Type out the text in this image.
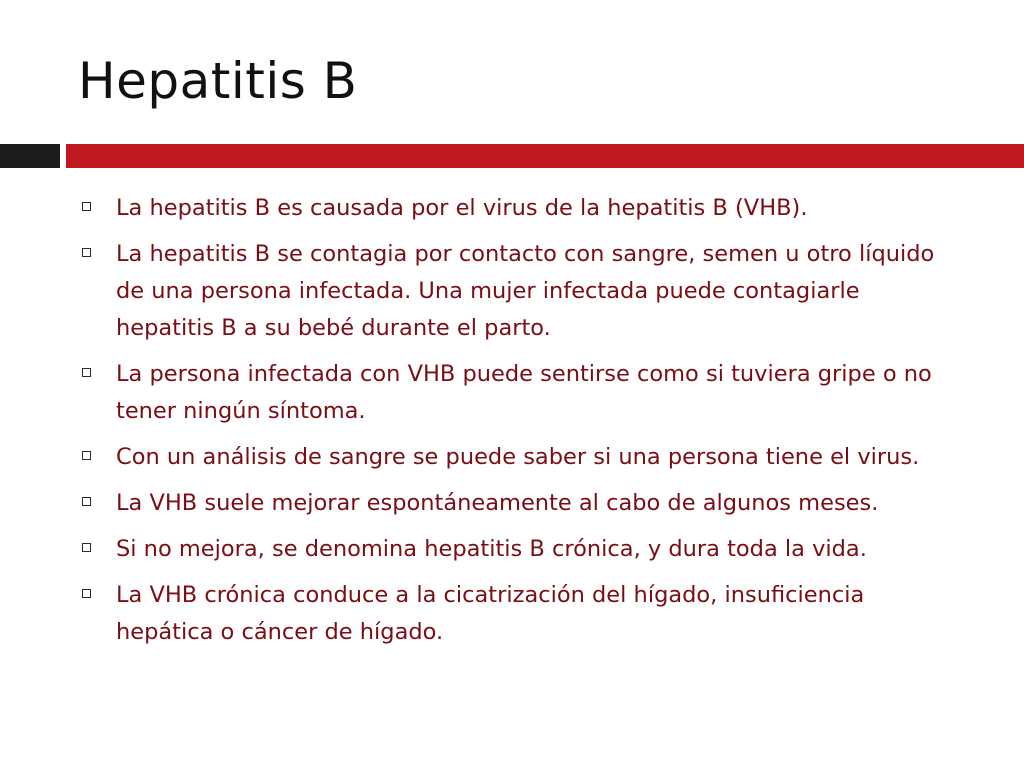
Hepatitis B
La hepatitis B es causada por el virus de la hepatitis B (VHB).
La hepatitis B se contagia por contacto con sangre, semen u otro líquido de una persona infectada. Una mujer infectada puede contagiarle hepatitis B a su bebé durante el parto.
La persona infectada con VHB puede sentirse como si tuviera gripe o no tener ningún síntoma.
Con un análisis de sangre se puede saber si una persona tiene el virus.
La VHB suele mejorar espontáneamente al cabo de algunos meses.
Si no mejora, se denomina hepatitis B crónica, y dura toda la vida.
La VHB crónica conduce a la cicatrización del hígado, insuficiencia hepática o cáncer de hígado.
